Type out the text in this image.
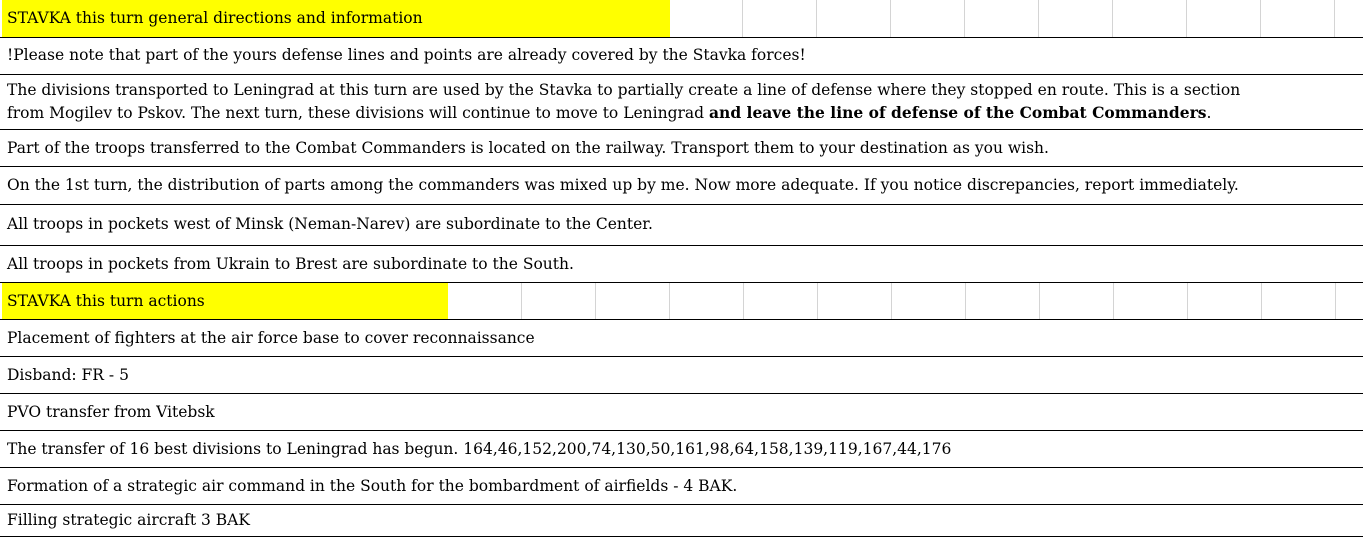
STAVKA this turn general directions and information
!Please note that part of the yours defense lines and points are already covered by the Stavka forces!
The divisions transported to Leningrad at this turn are used by the Stavka to partially create a line of defense where they stopped en route. This is a section
from Mogilev to Pskov. The next turn, these divisions will continue to move to Leningrad and leave the line of defense of the Combat Commanders.
Part of the troops transferred to the Combat Commanders is located on the railway. Transport them to your destination as you wish.
On the 1st turn, the distribution of parts among the commanders was mixed up by me. Now more adequate. If you notice discrepancies, report immediately.
All troops in pockets west of Minsk (Neman-Narev) are subordinate to the Center.
All troops in pockets from Ukrain to Brest are subordinate to the South.
STAVKA this turn actions
Placement of fighters at the air force base to cover reconnaissance
Disband: FR - 5
PVO transfer from Vitebsk
The transfer of 16 best divisions to Leningrad has begun. 164,46,152,200,74,130,50,161,98,64,158,139,119,167,44,176
Formation of a strategic air command in the South for the bombardment of airfields - 4 BAK.
Filling strategic aircraft 3 BAK
